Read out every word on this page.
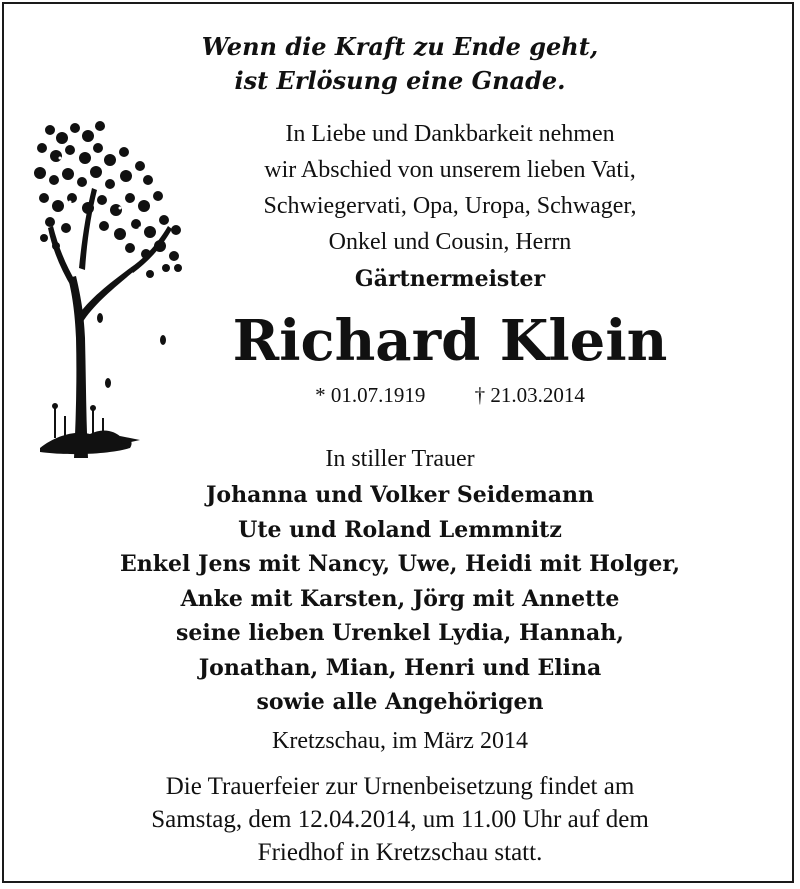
Wenn die Kraft zu Ende geht,
ist Erlösung eine Gnade.
In Liebe und Dankbarkeit nehmen
wir Abschied von unserem lieben Vati,
Schwiegervati, Opa, Uropa, Schwager,
Onkel und Cousin, Herrn
Gärtnermeister
Richard Klein
* 01.07.1919 † 21.03.2014
In stiller Trauer
Johanna und Volker Seidemann
Ute und Roland Lemmnitz
Enkel Jens mit Nancy, Uwe, Heidi mit Holger,
Anke mit Karsten, Jörg mit Annette
seine lieben Urenkel Lydia, Hannah,
Jonathan, Mian, Henri und Elina
sowie alle Angehörigen
Kretzschau, im März 2014
Die Trauerfeier zur Urnenbeisetzung findet am
Samstag, dem 12.04.2014, um 11.00 Uhr auf dem
Friedhof in Kretzschau statt.
